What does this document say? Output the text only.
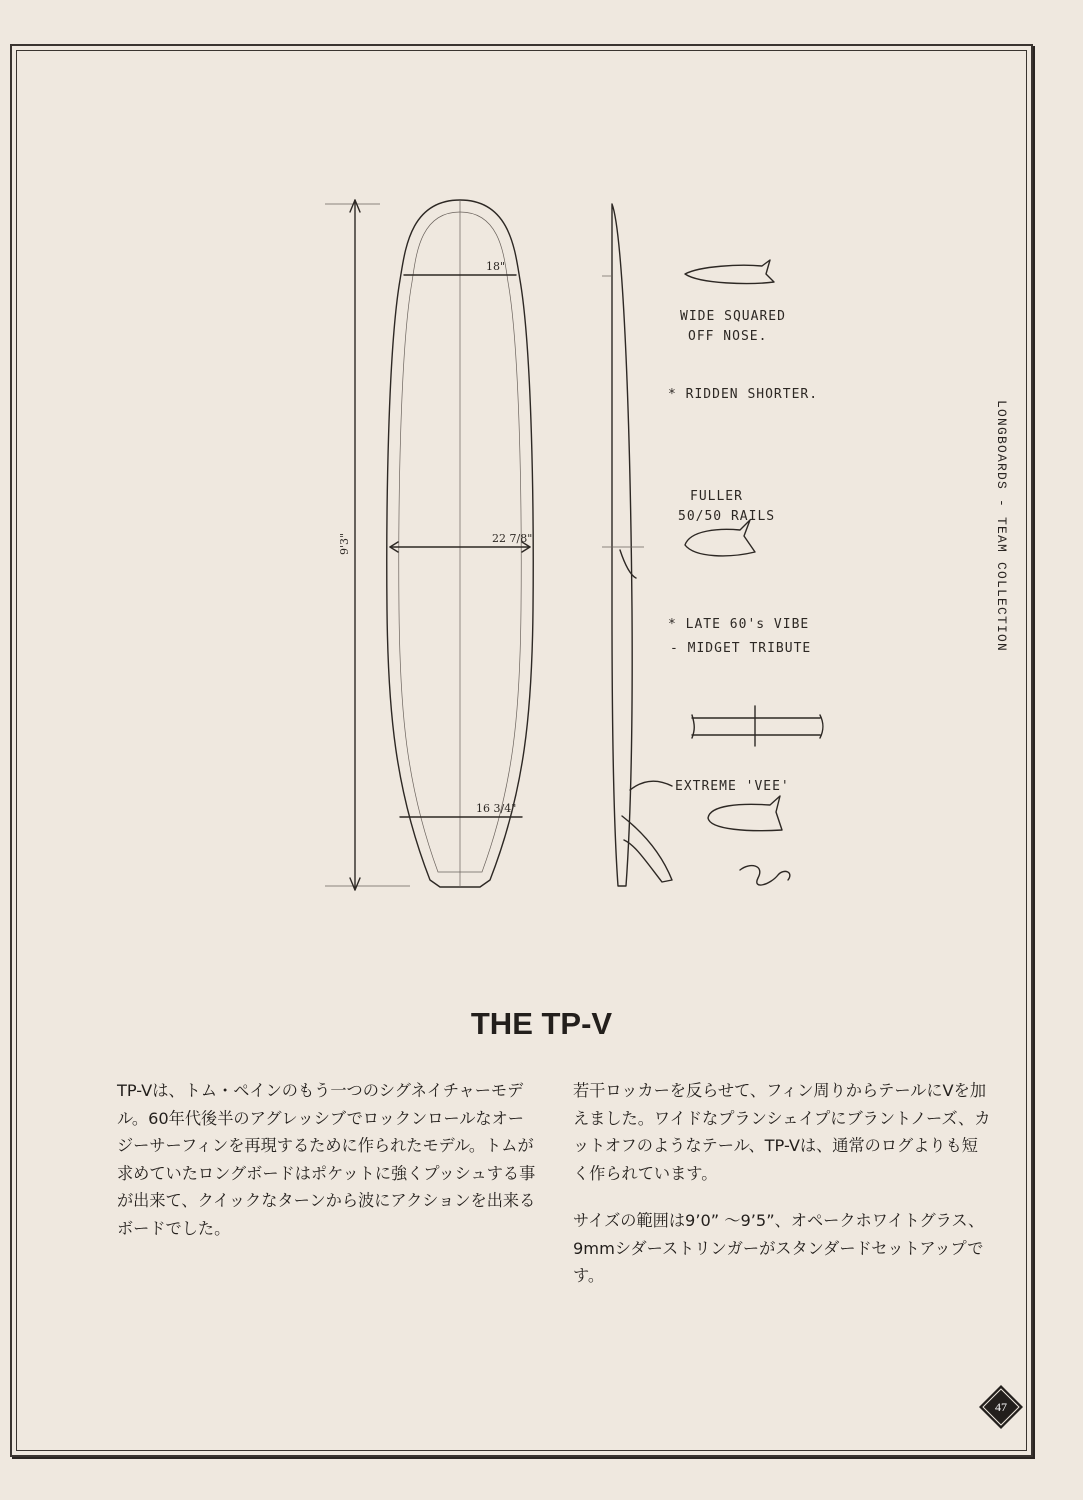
9'3"
18"
22 7/8"
16 3/4"
WIDE SQUARED
OFF NOSE.
* RIDDEN SHORTER.
FULLER
50/50 RAILS
* LATE 60's VIBE
- MIDGET TRIBUTE
EXTREME 'VEE'
LONGBOARDS - TEAM COLLECTION
THE TP-V

TP-Vは、トム・ペインのもう一つのシグネイチャーモデル。60年代後半のアグレッシブでロックンロールなオージーサーフィンを再現するために作られたモデル。トムが求めていたロングボードはポケットに強くプッシュする事が出来て、クイックなターンから波にアクションを出来るボードでした。

若干ロッカーを反らせて、フィン周りからテールにVを加えました。ワイドなプランシェイプにブラントノーズ、カットオフのようなテール、TP-Vは、通常のログよりも短く作られています。

サイズの範囲は9’0” ～9’5”、オペークホワイトグラス、9mmシダーストリンガーがスタンダードセットアップです。

47
